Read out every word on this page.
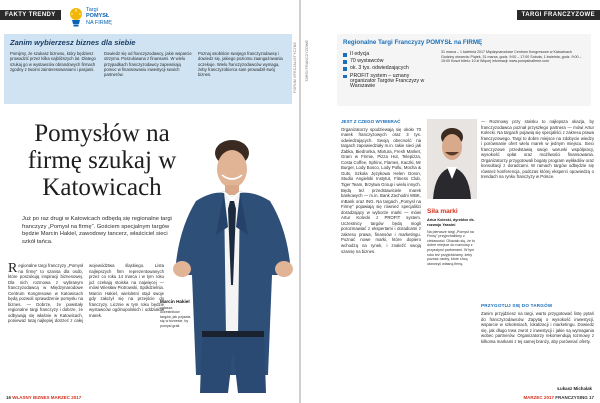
FAKTY TRENDY
Targi
POMYSŁ
NA FIRMĘ
Zanim wybierzesz biznes dla siebie

Pomijmy, że szukasz biznesu, który będziesz prowadzić przez kilka najbliższych lat. Dlatego szukaj go w wystawców obrandowych firmach zgodny z twoimi zainteresowaniami i pasjami.

Dowiedz się od franczyzodawcy, jakie wsparcie otrzyma. Poszukiwana z finansami. W wielu przypadkach franczyzodawcy zapewniają pomoc w finansowaniu inwestycji swoich partnerów.

Poznaj osobiście swojego franczyzodawcę i dowiedz się, jakiego poziomu zaangażowania oczekuje. Wielu franczyzodawców wymaga, żeby franczyzobiorca sam prowadził swój biznes.	FORUM SPECJALISTYCZNE
Pomysłów na firmę szukaj w Katowicach

Już po raz drugi w Katowicach odbędą się regionalne targi franczyzy „Pomysł na firmę”. Gościem specjalnym targów będzie Marcin Hakiel, zawodowy tancerz, właściciel sieci szkół tańca.

Marcin Hakiel
ogłasza uczestników targów, jak pojawia się w biznesie, by pomysł grali.
Regionalne targi franczyzy „Pomysł na firmę” to szansa dla osób, które poszukują inspiracji biznesowej. Dla nich rozmowa z wybranym franczyzodawcą w Międzynarodowe Centrum Kongresowe w Katowicach będą pozwoli sprawdzenie pomysłu na biznes. — Dobrze, że powstały regionalne targi franczyzy i dobrze, że odbywają się właśnie w Katowicach, ponieważ tutaj najlepiej dotrzeć z całej województwa śląskiego. Lista najlepszych firm reprezentowanych przez co roku 14 marca i w tym roku już czekają stoiska na najwięcej — mówi Wiesław Piotrowski, Spółdzielnia. Marcin Hakiel, wieloletni stąd swoje gdy założył się na przejście do franczyzy. Licznie w tym roku będzie wystawców ogólnopolskich i oddziałów marek.
16 WŁASNY BIZNES MARZEC 2017
TARGI FRANCZYZOWE
TARGI FRANCZYZOWE	Regionalne Targi Franczyzy POMYSŁ na FIRMĘ
II edycja
70 wystawców
ok. 3 tys. odwiedzających
PROFIT system – uznany organizator Targów Franczyzy w Warszawie

31 marca – 1 kwietnia 2017 Międzynarodowe Centrum Kongresowe w Katowicach Godziny otwarcia: Piątek, 31 marca, godz. 9:00 – 17:00 Sobota, 1 kwietnia, godz. 9:00 – 15:00 Koszt biletu: 10 zł Więcej informacji: www.pomyslnafirme.com

JEST Z CZEGO WYBIERAĆ

Organizatorzy spodziewają się około 70 marek franczyzowych oraz 3 tys. odwiedzających. Swoją obecność na targach zapowiedziały m.in. takie sieci jak Żabka, Biedronka, Mixtura, Fresh Market, Gram w Firmie, Pizza Hut, Telepizza, Costa Coffee, Sphinx, Flames, Kaczki, Mr Burger, Lody Bosco, Lody Pollu, Mocha & Guts, Szkoła Językowa Helen Doron, Studio Angielski Instytut, Fitness Club, Tiger Team, Brzytwa Group i wielu innych. Będą też przedstawiciele marek bankowych — m.in. Bank Zachodni WBK, mBank oraz ING. Na targach „Pomysł na Firmę” pojawiają się również specjaliści doradzający w wyborze marki — mówi Artur Kolecki z PROFIT system. Uczestnicy targów będą mogli porozmawiać z ekspertami i doradcami z zakresu prawa, finansów i marketingu. Poznać nowe marki, które dopiero wchodzą na rynek, i znaleźć swoją szansę na biznes.

Siła marki
Artur Kolecki, dyrektor ds. rozwoju Yassini
Na pierwsze targi „Pomysł na Firmę” przyjechaliśmy z ciekawości. Okazało się, że to dobre miejsce do rozmowy z przyszłymi partnerami. W tym roku też przyjeżdżamy, żeby poznać osoby, które chcą otworzyć własną firmę.

— Rozmowy przy stoisku to najlepsza okazja, by franczyzodawca poznał przyszłego partnera — mówi Artur Kolecki. Na targach pojawią się specjaliści z zakresu prawa franczyzowego. Targi to dobre miejsce na zdobycie wiedzy i porównanie ofert wielu marek w jednym miejscu. Sieci franczyzowe przedstawią swoje warunki współpracy, wysokość opłat oraz możliwości finansowania. Organizatorzy przygotowali bogaty program wykładów oraz konsultacji z doradcami. W ramach targów odbędzie się również konferencja, podczas której eksperci opowiedzą o trendach na rynku franczyzy w Polsce.

PRZYGOTUJ SIĘ DO TARGÓW

Zanim przyjdziesz na targi, warto przygotować listę pytań do franczyzodawców. Zapytaj o wysokość inwestycji, wsparcie w szkoleniach, lokalizacji i marketingu. Dowiedz się, jak długo trwa zwrot z inwestycji i jakie są wymagania wobec partnerów. Organizatorzy rekomendują rozmowy z kilkoma markami z tej samej branży, aby porównać oferty.

Łukasz Michalak
MARZEC 2017 FRANCZYSING 17
